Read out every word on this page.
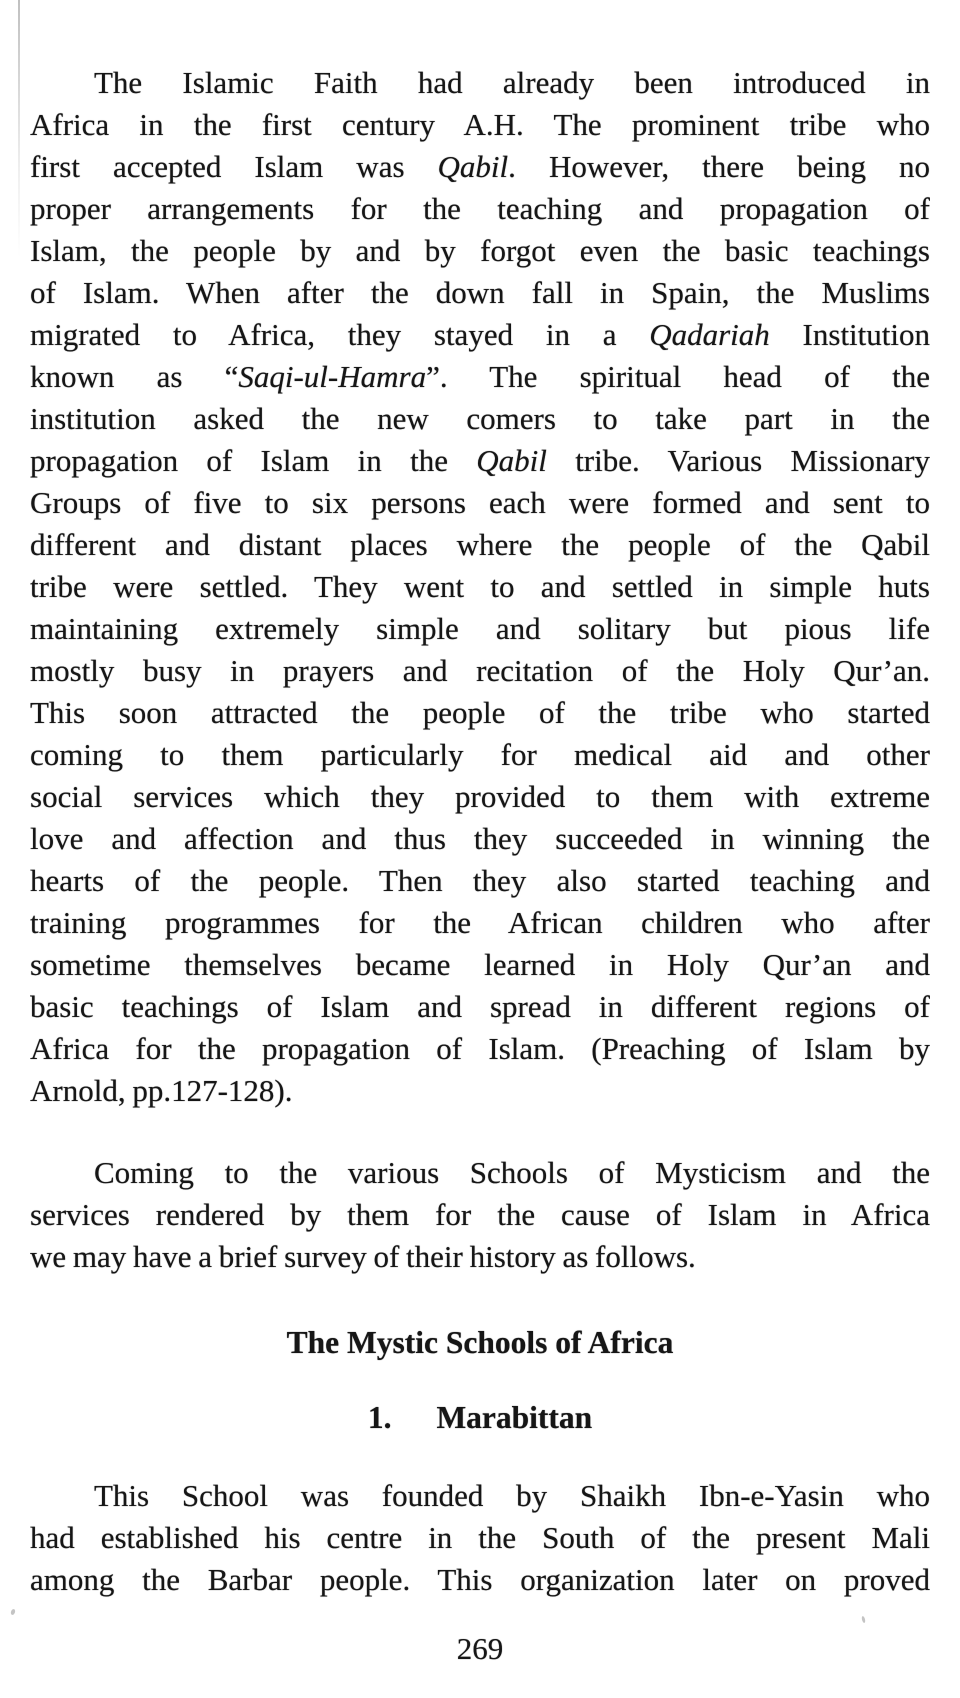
The Islamic Faith had already been introduced in
Africa in the first century A.H. The prominent tribe who
first accepted Islam was Qabil. However, there being no
proper arrangements for the teaching and propagation of
Islam, the people by and by forgot even the basic teachings
of Islam. When after the down fall in Spain, the Muslims
migrated to Africa, they stayed in a Qadariah Institution
known as “Saqi-ul-Hamra”. The spiritual head of the
institution asked the new comers to take part in the
propagation of Islam in the Qabil tribe. Various Missionary
Groups of five to six persons each were formed and sent to
different and distant places where the people of the Qabil
tribe were settled. They went to and settled in simple huts
maintaining extremely simple and solitary but pious life
mostly busy in prayers and recitation of the Holy Qur’an.
This soon attracted the people of the tribe who started
coming to them particularly for medical aid and other
social services which they provided to them with extreme
love and affection and thus they succeeded in winning the
hearts of the people. Then they also started teaching and
training programmes for the African children who after
sometime themselves became learned in Holy Qur’an and
basic teachings of Islam and spread in different regions of
Africa for the propagation of Islam. (Preaching of Islam by
Arnold, pp.127-128).
Coming to the various Schools of Mysticism and the
services rendered by them for the cause of Islam in Africa
we may have a brief survey of their history as follows.
The Mystic Schools of Africa
1. Marabittan
This School was founded by Shaikh Ibn-e-Yasin who
had established his centre in the South of the present Mali
among the Barbar people. This organization later on proved
269
